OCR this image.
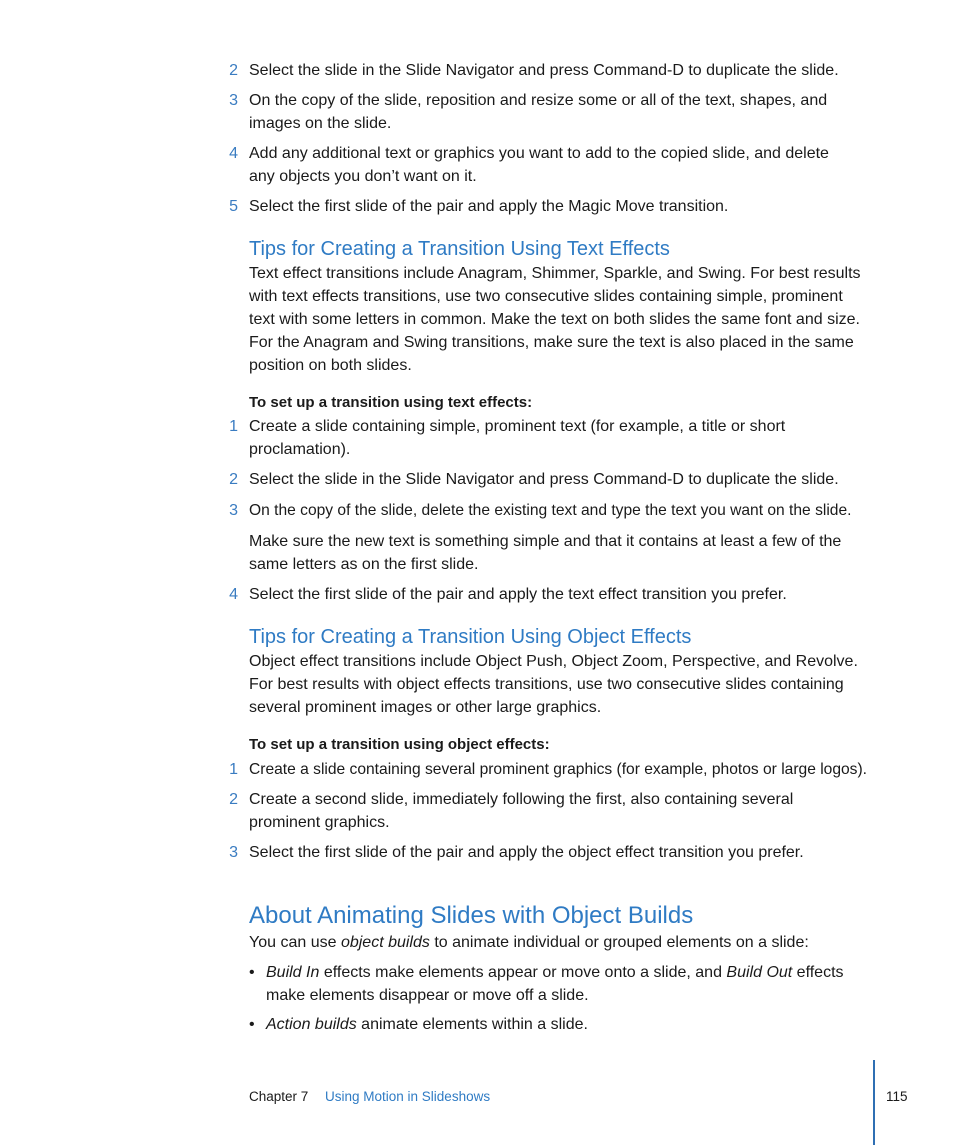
2 Select the slide in the Slide Navigator and press Command-D to duplicate the slide.
3 On the copy of the slide, reposition and resize some or all of the text, shapes, and images on the slide.
4 Add any additional text or graphics you want to add to the copied slide, and delete any objects you don’t want on it.
5 Select the first slide of the pair and apply the Magic Move transition.
Tips for Creating a Transition Using Text Effects
Text effect transitions include Anagram, Shimmer, Sparkle, and Swing. For best results with text effects transitions, use two consecutive slides containing simple, prominent text with some letters in common. Make the text on both slides the same font and size. For the Anagram and Swing transitions, make sure the text is also placed in the same position on both slides.
To set up a transition using text effects:
1 Create a slide containing simple, prominent text (for example, a title or short proclamation).
2 Select the slide in the Slide Navigator and press Command-D to duplicate the slide.
3 On the copy of the slide, delete the existing text and type the text you want on the slide.
Make sure the new text is something simple and that it contains at least a few of the same letters as on the first slide.
4 Select the first slide of the pair and apply the text effect transition you prefer.
Tips for Creating a Transition Using Object Effects
Object effect transitions include Object Push, Object Zoom, Perspective, and Revolve. For best results with object effects transitions, use two consecutive slides containing several prominent images or other large graphics.
To set up a transition using object effects:
1 Create a slide containing several prominent graphics (for example, photos or large logos).
2 Create a second slide, immediately following the first, also containing several prominent graphics.
3 Select the first slide of the pair and apply the object effect transition you prefer.
About Animating Slides with Object Builds
You can use object builds to animate individual or grouped elements on a slide:
• Build In effects make elements appear or move onto a slide, and Build Out effects make elements disappear or move off a slide.
• Action builds animate elements within a slide.
Chapter 7 Using Motion in Slideshows	115
